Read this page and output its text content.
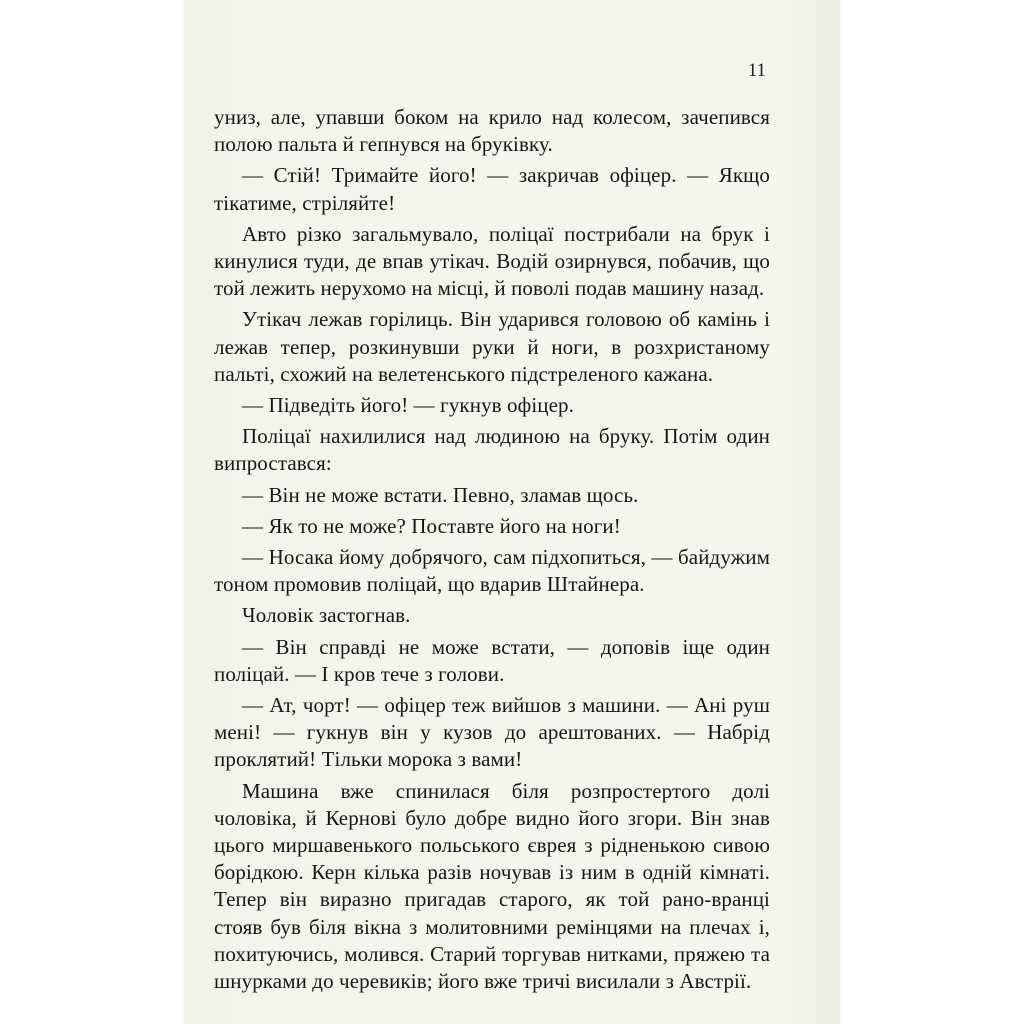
11

униз, але, упавши боком на крило над колесом, зачепився полою пальта й гепнувся на бруківку.

— Стій! Тримайте його! — закричав офіцер. — Якщо тікатиме, стріляйте!

Авто різко загальмувало, поліцаї пострибали на брук і кинулися туди, де впав утікач. Водій озирнувся, побачив, що той лежить нерухомо на місці, й поволі подав машину назад.

Утікач лежав горілиць. Він ударився головою об камінь і лежав тепер, розкинувши руки й ноги, в розхристаному пальті, схожий на велетенського підстреленого кажана.

— Підведіть його! — гукнув офіцер.

Поліцаї нахилилися над людиною на бруку. Потім один випростався:

— Він не може встати. Певно, зламав щось.

— Як то не може? Поставте його на ноги!

— Носака йому добрячого, сам підхопиться, — байдужим тоном промовив поліцай, що вдарив Штайнера.

Чоловік застогнав.

— Він справді не може встати, — доповів іще один поліцай. — І кров тече з голови.

— Ат, чорт! — офіцер теж вийшов з машини. — Ані руш мені! — гукнув він у кузов до арештованих. — Набрід проклятий! Тільки морока з вами!

Машина вже спинилася біля розпростертого долі чоловіка, й Кернові було добре видно його згори. Він знав цього миршавенького польського єврея з рідненькою сивою борідкою. Керн кілька разів ночував із ним в одній кімнаті. Тепер він виразно пригадав старого, як той рано-вранці стояв був біля вікна з молитовними ремінцями на плечах і, похитуючись, молився. Старий торгував нитками, пряжею та шнурками до черевиків; його вже тричі висилали з Австрії.
